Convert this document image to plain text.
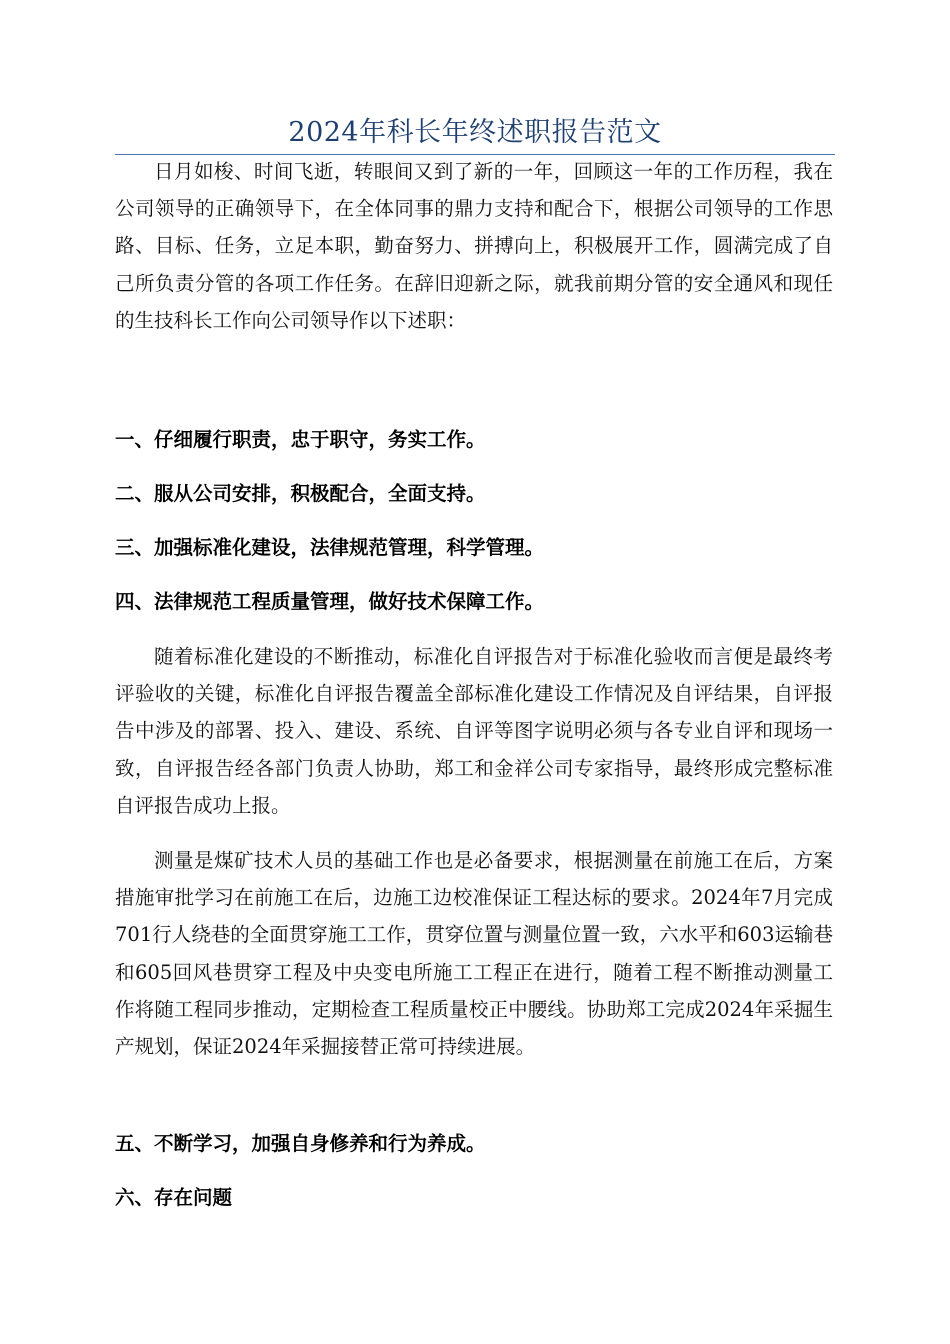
2024年科长年终述职报告范文

日月如梭、时间飞逝，转眼间又到了新的一年，回顾这一年的工作历程，我在公司领导的正确领导下，在全体同事的鼎力支持和配合下，根据公司领导的工作思路、目标、任务，立足本职，勤奋努力、拼搏向上，积极展开工作，圆满完成了自己所负责分管的各项工作任务。在辞旧迎新之际，就我前期分管的安全通风和现任的生技科长工作向公司领导作以下述职：

一、仔细履行职责，忠于职守，务实工作。

二、服从公司安排，积极配合，全面支持。

三、加强标准化建设，法律规范管理，科学管理。

四、法律规范工程质量管理，做好技术保障工作。

随着标准化建设的不断推动，标准化自评报告对于标准化验收而言便是最终考评验收的关键，标准化自评报告覆盖全部标准化建设工作情况及自评结果，自评报告中涉及的部署、投入、建设、系统、自评等图字说明必须与各专业自评和现场一致，自评报告经各部门负责人协助，郑工和金祥公司专家指导，最终形成完整标准自评报告成功上报。

测量是煤矿技术人员的基础工作也是必备要求，根据测量在前施工在后，方案措施审批学习在前施工在后，边施工边校准保证工程达标的要求。2024年7月完成701行人绕巷的全面贯穿施工工作，贯穿位置与测量位置一致，六水平和603运输巷和605回风巷贯穿工程及中央变电所施工工程正在进行，随着工程不断推动测量工作将随工程同步推动，定期检查工程质量校正中腰线。协助郑工完成2024年采掘生产规划，保证2024年采掘接替正常可持续进展。

五、不断学习，加强自身修养和行为养成。

六、存在问题
